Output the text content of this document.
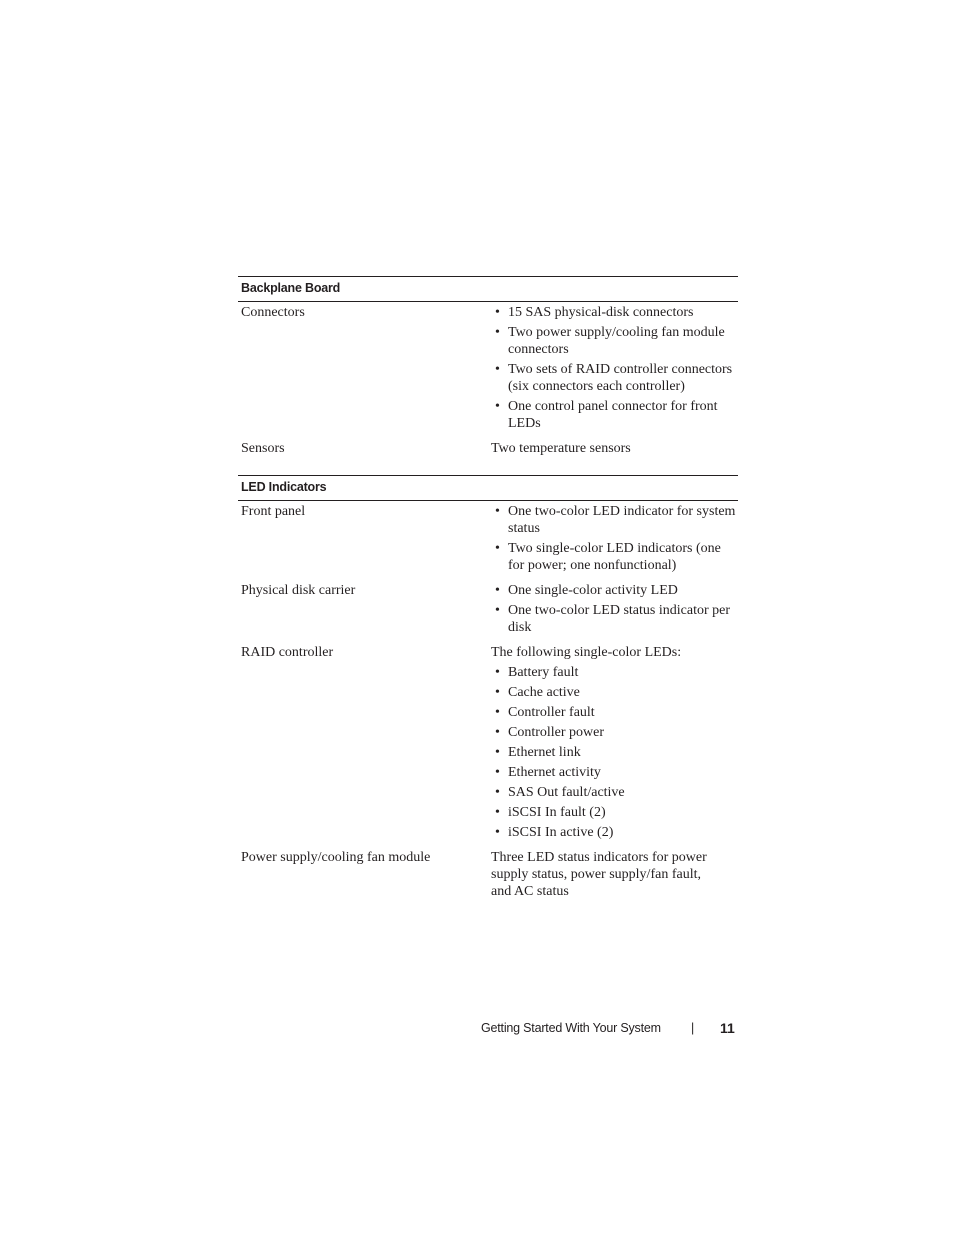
Backplane Board
Connectors	• 15 SAS physical-disk connectors
• Two power supply/cooling fan module connectors
• Two sets of RAID controller connectors (six connectors each controller)
• One control panel connector for front LEDs
Sensors	Two temperature sensors
LED Indicators
Front panel	• One two-color LED indicator for system status
• Two single-color LED indicators (one for power; one nonfunctional)
Physical disk carrier	• One single-color activity LED
• One two-color LED status indicator per disk
RAID controller	The following single-color LEDs:
• Battery fault
• Cache active
• Controller fault
• Controller power
• Ethernet link
• Ethernet activity
• SAS Out fault/active
• iSCSI In fault (2)
• iSCSI In active (2)
Power supply/cooling fan module	Three LED status indicators for power supply status, power supply/fan fault, and AC status
Getting Started With Your System | 11
